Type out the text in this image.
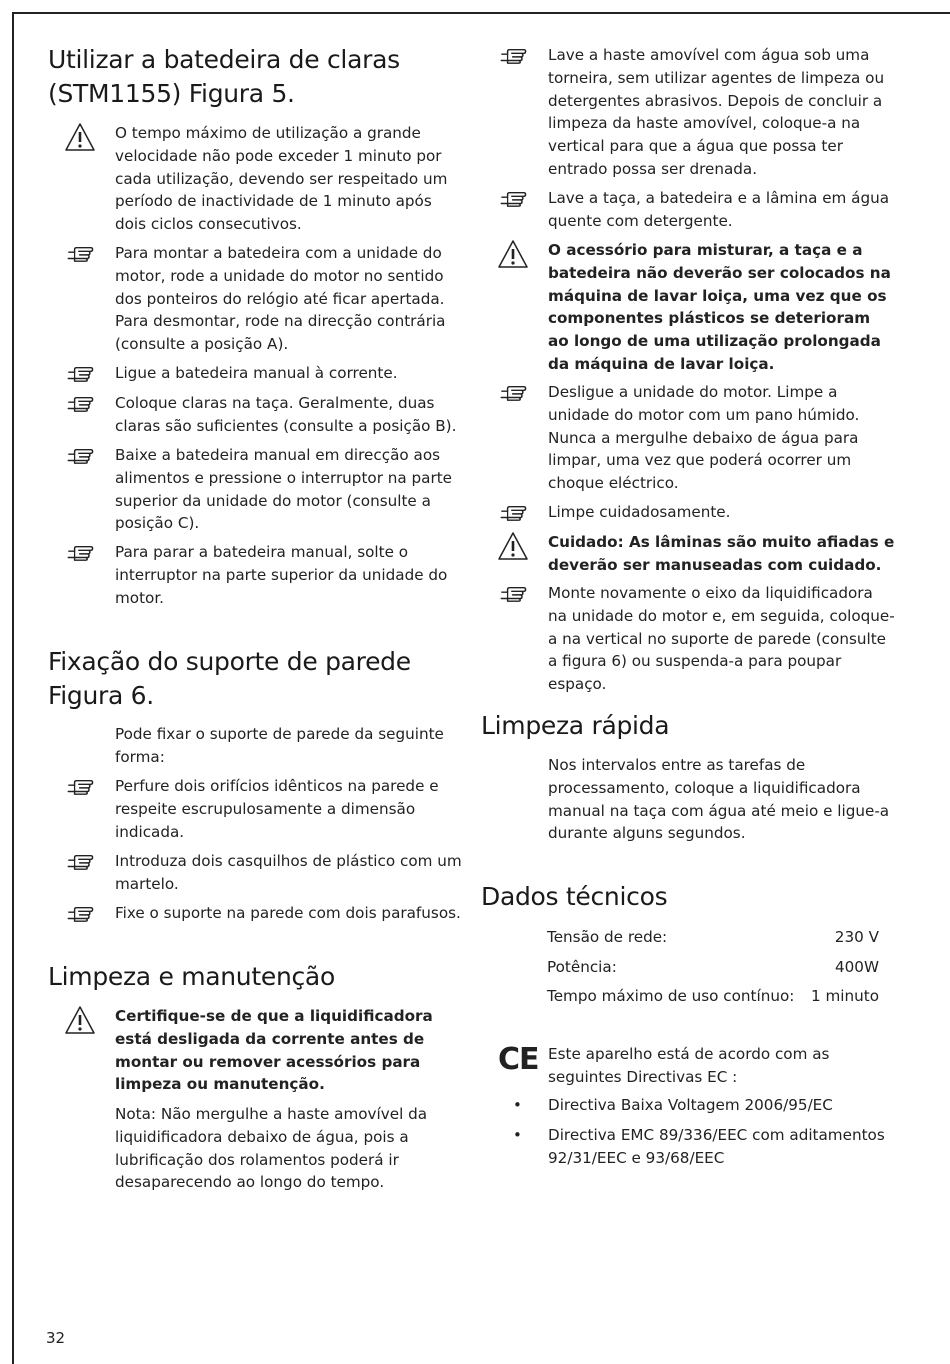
Utilizar a batedeira de claras
(STM1155) Figura 5.
O tempo máximo de utilização a grande velocidade não pode exceder 1 minuto por cada utilização, devendo ser respeitado um período de inactividade de 1 minuto após dois ciclos consecutivos.
Para montar a batedeira com a unidade do motor, rode a unidade do motor no sentido dos ponteiros do relógio até ficar apertada. Para desmontar, rode na direcção contrária (consulte a posição A).
Ligue a batedeira manual à corrente.
Coloque claras na taça. Geralmente, duas claras são suficientes (consulte a posição B).
Baixe a batedeira manual em direcção aos alimentos e pressione o interruptor na parte superior da unidade do motor (consulte a posição C).
Para parar a batedeira manual, solte o interruptor na parte superior da unidade do motor.
Fixação do suporte de parede
Figura 6.
Pode fixar o suporte de parede da seguinte forma:
Perfure dois orifícios idênticos na parede e respeite escrupulosamente a dimensão indicada.
Introduza dois casquilhos de plástico com um martelo.
Fixe o suporte na parede com dois parafusos.
Limpeza e manutenção
Certifique-se de que a liquidificadora está desligada da corrente antes de montar ou remover acessórios para limpeza ou manutenção.
Nota: Não mergulhe a haste amovível da liquidificadora debaixo de água, pois a lubrificação dos rolamentos poderá ir desaparecendo ao longo do tempo.
Lave a haste amovível com água sob uma torneira, sem utilizar agentes de limpeza ou detergentes abrasivos. Depois de concluir a limpeza da haste amovível, coloque-a na vertical para que a água que possa ter entrado possa ser drenada.
Lave a taça, a batedeira e a lâmina em água quente com detergente.
O acessório para misturar, a taça e a batedeira não deverão ser colocados na máquina de lavar loiça, uma vez que os componentes plásticos se deterioram ao longo de uma utilização prolongada da máquina de lavar loiça.
Desligue a unidade do motor. Limpe a unidade do motor com um pano húmido. Nunca a mergulhe debaixo de água para limpar, uma vez que poderá ocorrer um choque eléctrico.
Limpe cuidadosamente.
Cuidado: As lâminas são muito afiadas e deverão ser manuseadas com cuidado.
Monte novamente o eixo da liquidificadora na unidade do motor e, em seguida, coloque-a na vertical no suporte de parede (consulte a figura 6) ou suspenda-a para poupar espaço.
Limpeza rápida
Nos intervalos entre as tarefas de processamento, coloque a liquidificadora manual na taça com água até meio e ligue-a durante alguns segundos.
Dados técnicos
Tensão de rede:	230 V
Potência:	400W
Tempo máximo de uso contínuo: 1 minuto
CE Este aparelho está de acordo com as seguintes Directivas EC :
• Directiva Baixa Voltagem 2006/95/EC
• Directiva EMC 89/336/EEC com aditamentos 92/31/EEC e 93/68/EEC
32
